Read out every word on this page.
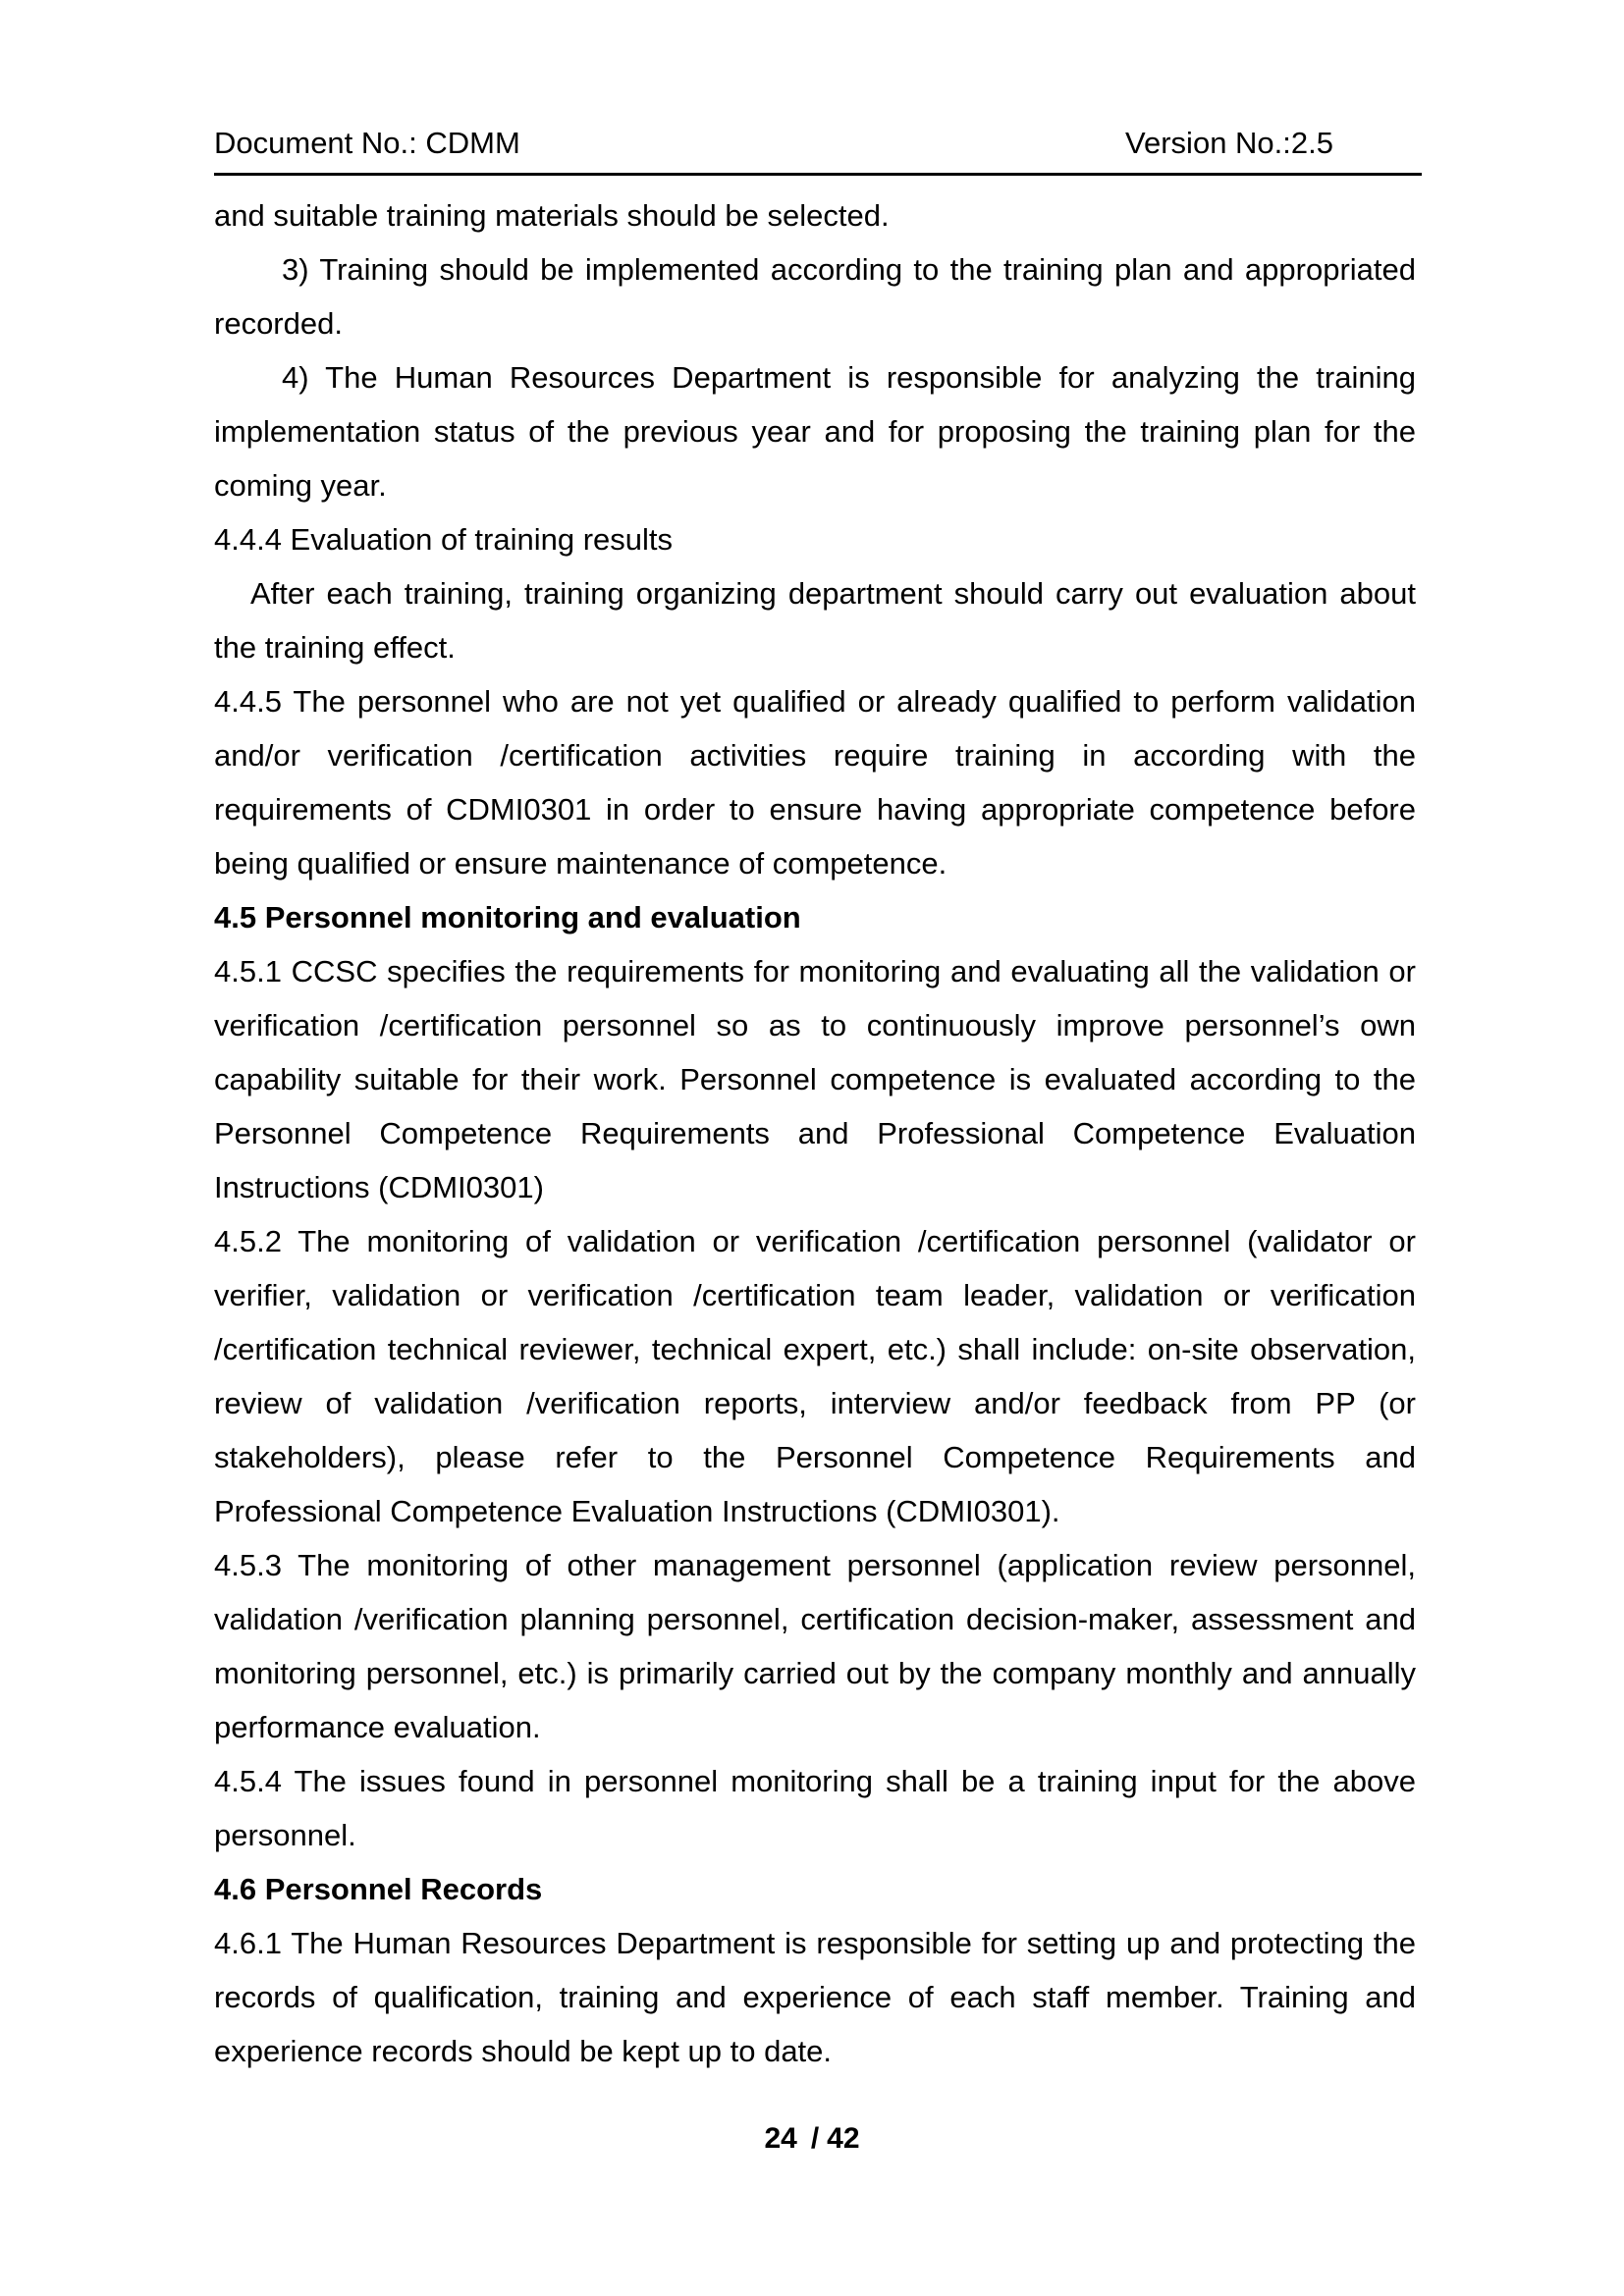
Document No.: CDMM	Version No.:2.5

and suitable training materials should be selected.

3) Training should be implemented according to the training plan and appropriated recorded.

4) The Human Resources Department is responsible for analyzing the training implementation status of the previous year and for proposing the training plan for the coming year.

4.4.4 Evaluation of training results

After each training, training organizing department should carry out evaluation about the training effect.

4.4.5 The personnel who are not yet qualified or already qualified to perform validation and/or verification /certification activities require training in according with the requirements of CDMI0301 in order to ensure having appropriate competence before being qualified or ensure maintenance of competence.

4.5 Personnel monitoring and evaluation

4.5.1 CCSC specifies the requirements for monitoring and evaluating all the validation or verification /certification personnel so as to continuously improve personnel’s own capability suitable for their work. Personnel competence is evaluated according to the Personnel Competence Requirements and Professional Competence Evaluation Instructions (CDMI0301)

4.5.2 The monitoring of validation or verification /certification personnel (validator or verifier, validation or verification /certification team leader, validation or verification /certification technical reviewer, technical expert, etc.) shall include: on-site observation, review of validation /verification reports, interview and/or feedback from PP (or stakeholders), please refer to the Personnel Competence Requirements and Professional Competence Evaluation Instructions (CDMI0301).

4.5.3 The monitoring of other management personnel (application review personnel, validation /verification planning personnel, certification decision-maker, assessment and monitoring personnel, etc.) is primarily carried out by the company monthly and annually performance evaluation.

4.5.4 The issues found in personnel monitoring shall be a training input for the above personnel.

4.6 Personnel Records

4.6.1 The Human Resources Department is responsible for setting up and protecting the records of qualification, training and experience of each staff member. Training and experience records should be kept up to date.

24 / 42
